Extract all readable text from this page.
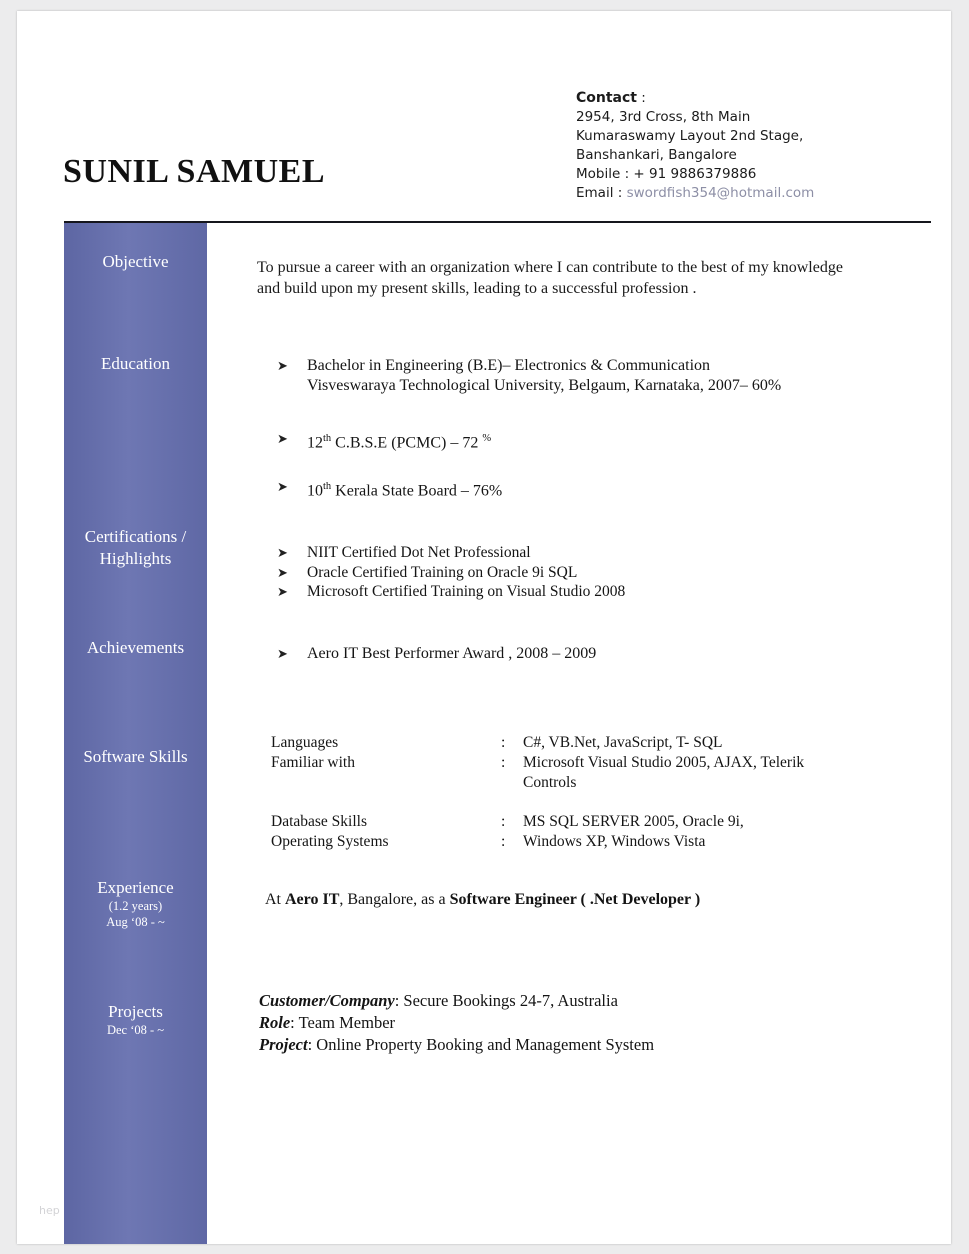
Contact :
2954, 3rd Cross, 8th Main
Kumaraswamy Layout 2nd Stage,
Banshankari, Bangalore
Mobile : + 91 9886379886
Email : swordfish354@hotmail.com
SUNIL SAMUEL
Objective
Education
Certifications /
Highlights
Achievements
Software Skills
Experience
(1.2 years)
Aug ‘08 - ~
Projects
Dec ‘08 - ~
To pursue a career with an organization where I can contribute to the best of my knowledge and build upon my present skills, leading to a successful profession .
➤	Bachelor in Engineering (B.E)– Electronics & Communication
Visveswaraya Technological University, Belgaum, Karnataka, 2007– 60%
➤	12th C.B.S.E (PCMC) – 72 %
➤	10th Kerala State Board – 76%
➤	NIIT Certified Dot Net Professional
➤	Oracle Certified Training on Oracle 9i SQL
➤	Microsoft Certified Training on Visual Studio 2008
➤	Aero IT Best Performer Award , 2008 – 2009
Languages	:	C#, VB.Net, JavaScript, T- SQL
Familiar with	:	Microsoft Visual Studio 2005, AJAX, Telerik
Controls
Database Skills	:	MS SQL SERVER 2005, Oracle 9i,
Operating Systems	:	Windows XP, Windows Vista
At Aero IT, Bangalore, as a Software Engineer ( .Net Developer )
Customer/Company: Secure Bookings 24-7, Australia
Role: Team Member
Project: Online Property Booking and Management System
hep
